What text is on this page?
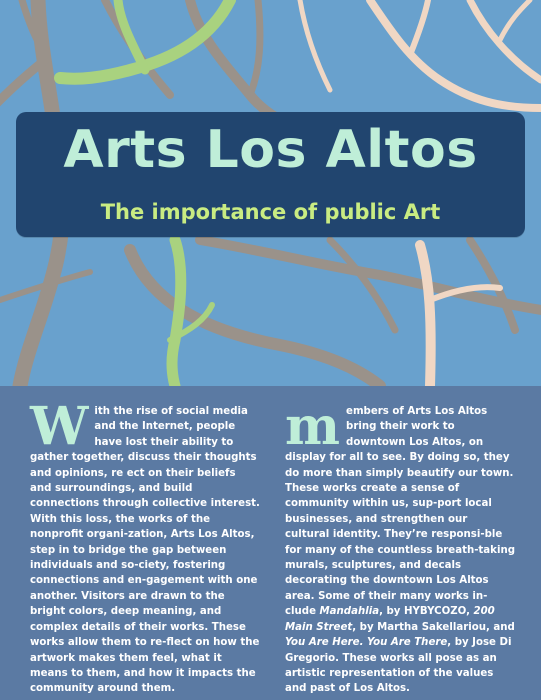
Arts Los Altos
The importance of public Art
W ith the rise of social media and the Internet, people have lost their ability to gather together, discuss their thoughts and opinions, re ect on their beliefs and surroundings, and build connections through collective interest. With this loss, the works of the nonprofit organi-zation, Arts Los Altos, step in to bridge the gap between individuals and so-ciety, fostering connections and en-gagement with one another. Visitors are drawn to the bright colors, deep meaning, and complex details of their works. These works allow them to re-flect on how the artwork makes them feel, what it means to them, and how it impacts the community around them.

m embers of Arts Los Altos bring their work to downtown Los Altos, on display for all to see. By doing so, they do more than simply beautify our town. These works create a sense of community within us, sup-port local businesses, and strengthen our cultural identity. They’re responsi-ble for many of the countless breath-taking murals, sculptures, and decals decorating the downtown Los Altos area. Some of their many works in-clude Mandahlia, by HYBYCOZO, 200 Main Street, by Martha Sakellariou, and You Are Here. You Are There, by Jose Di Gregorio. These works all pose as an artistic representation of the values and past of Los Altos.
